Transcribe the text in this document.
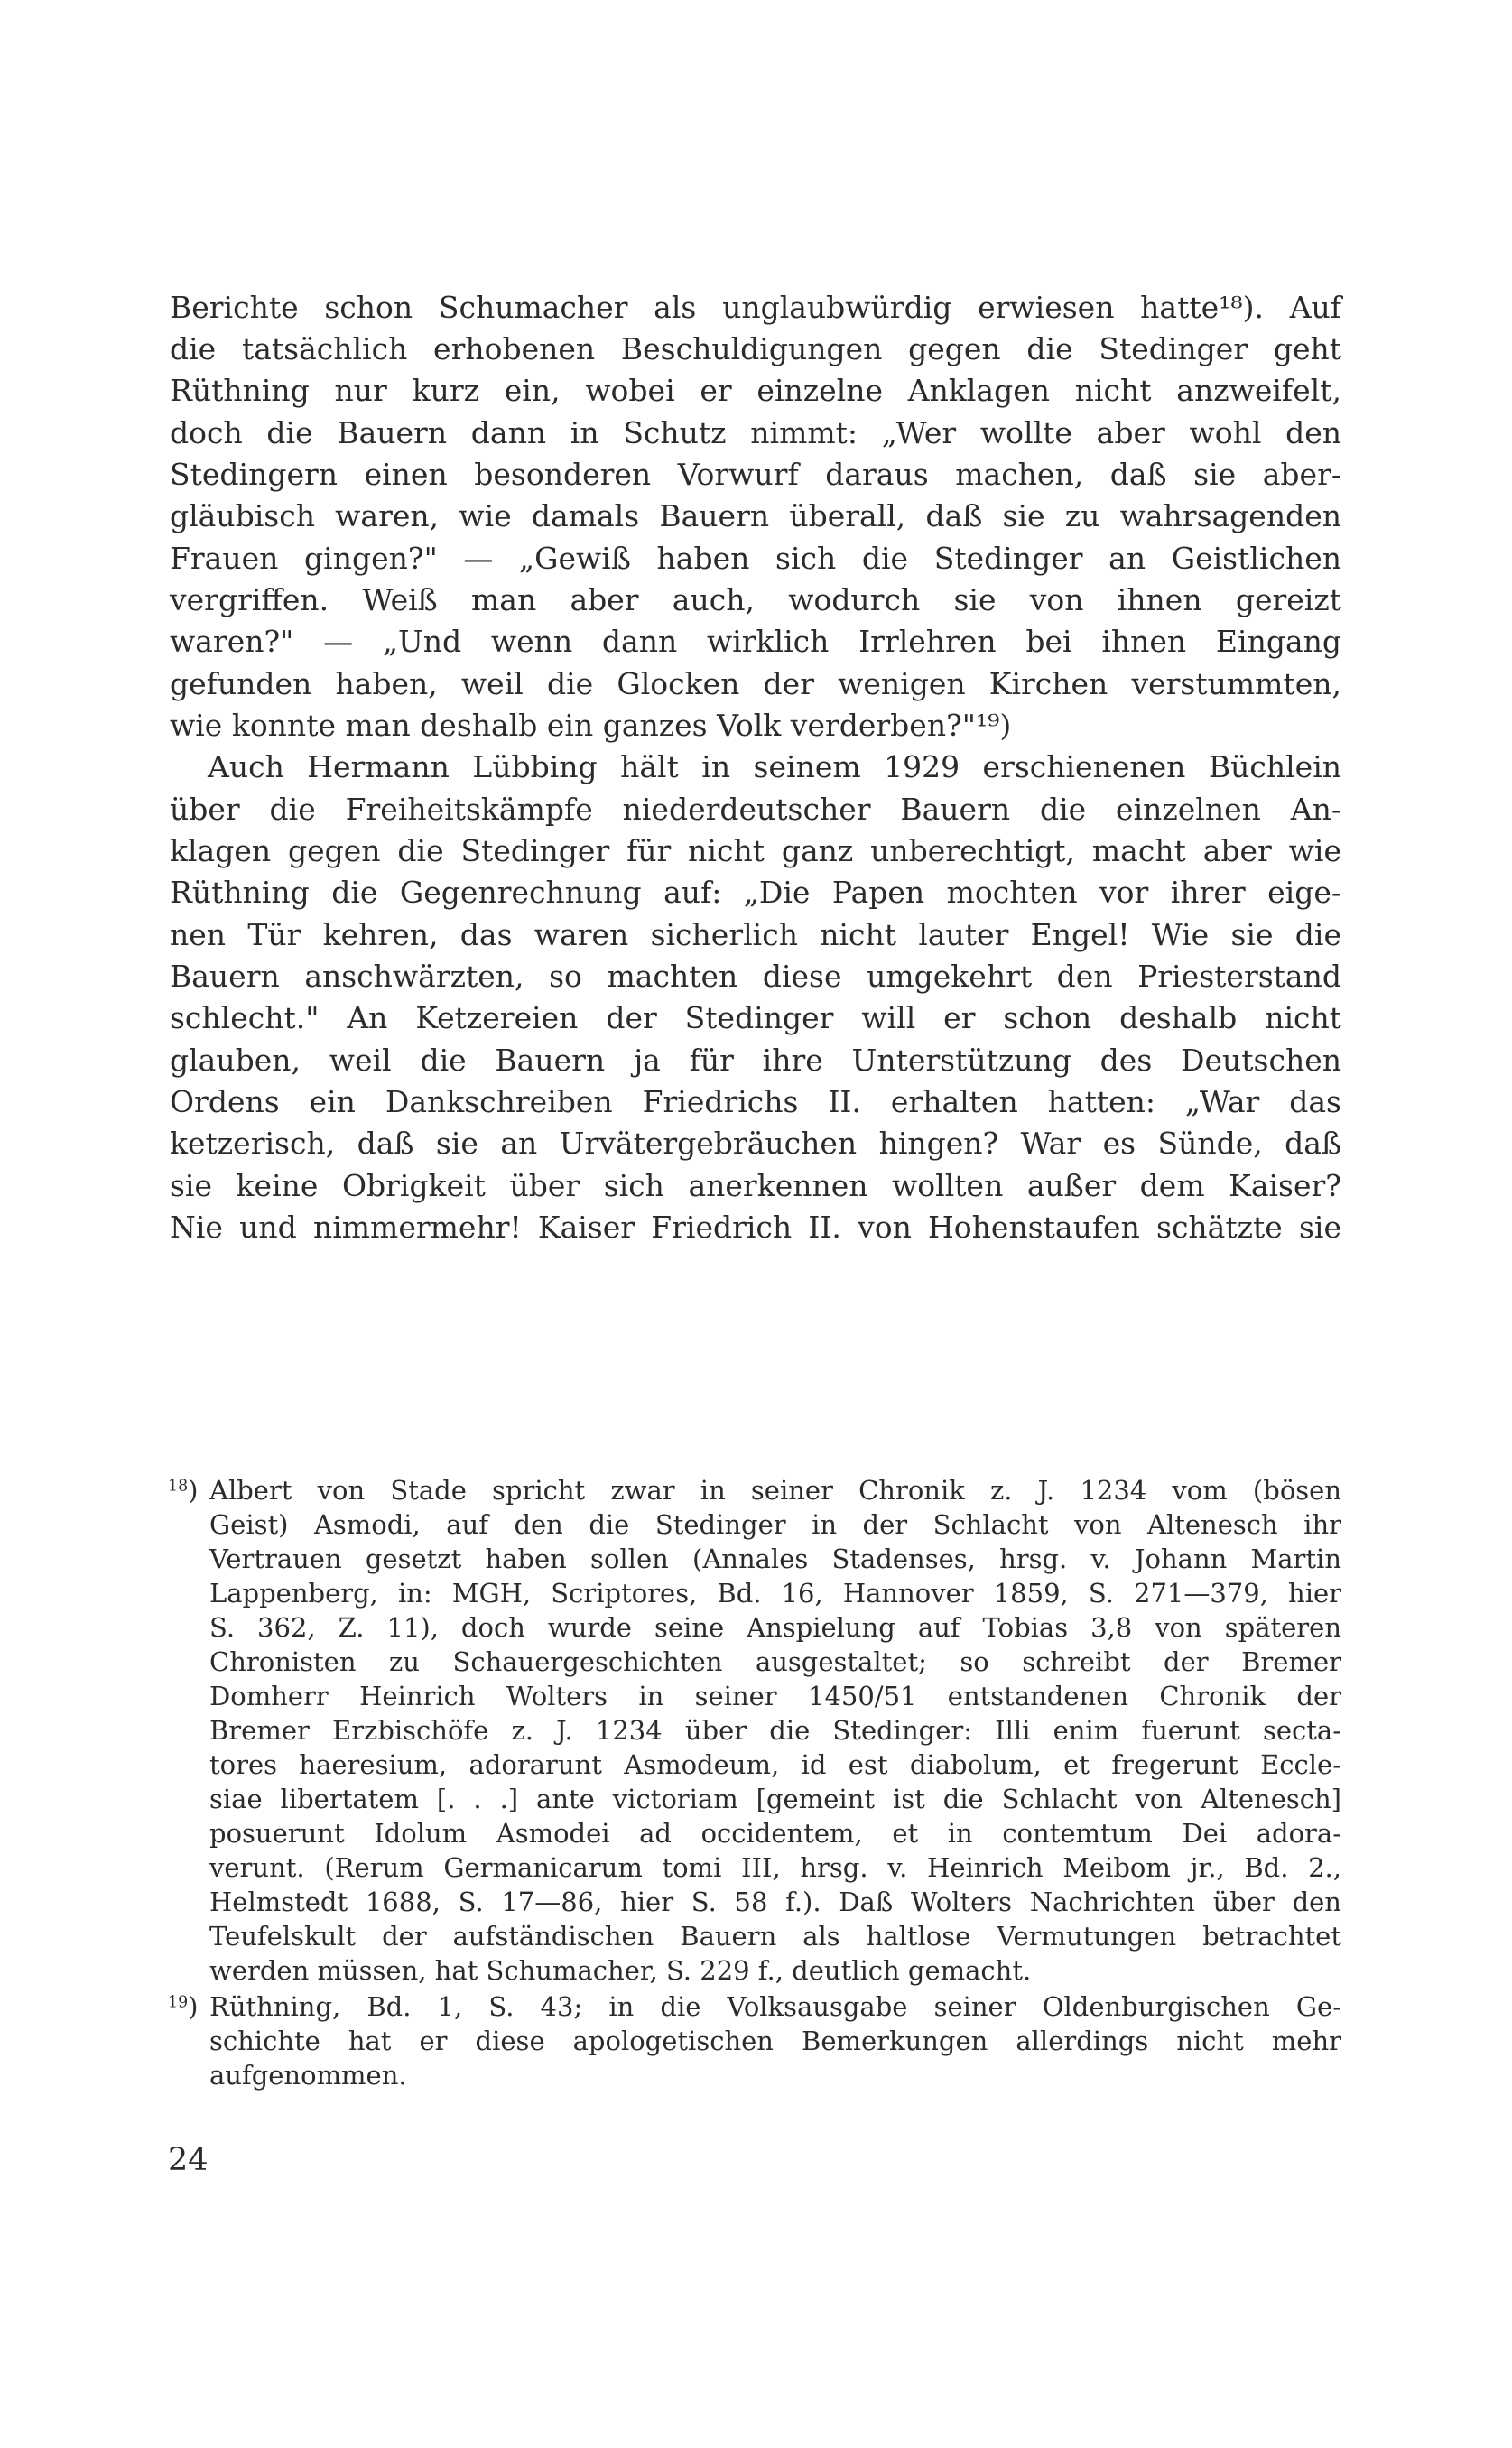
Berichte schon Schumacher als unglaubwürdig erwiesen hatte¹⁸). Auf
die tatsächlich erhobenen Beschuldigungen gegen die Stedinger geht
Rüthning nur kurz ein, wobei er einzelne Anklagen nicht anzweifelt,
doch die Bauern dann in Schutz nimmt: „Wer wollte aber wohl den
Stedingern einen besonderen Vorwurf daraus machen, daß sie aber-
gläubisch waren, wie damals Bauern überall, daß sie zu wahrsagenden
Frauen gingen?" — „Gewiß haben sich die Stedinger an Geistlichen
vergriffen. Weiß man aber auch, wodurch sie von ihnen gereizt
waren?" — „Und wenn dann wirklich Irrlehren bei ihnen Eingang
gefunden haben, weil die Glocken der wenigen Kirchen verstummten,
wie konnte man deshalb ein ganzes Volk verderben?"¹⁹)
Auch Hermann Lübbing hält in seinem 1929 erschienenen Büchlein
über die Freiheitskämpfe niederdeutscher Bauern die einzelnen An-
klagen gegen die Stedinger für nicht ganz unberechtigt, macht aber wie
Rüthning die Gegenrechnung auf: „Die Papen mochten vor ihrer eige-
nen Tür kehren, das waren sicherlich nicht lauter Engel! Wie sie die
Bauern anschwärzten, so machten diese umgekehrt den Priesterstand
schlecht." An Ketzereien der Stedinger will er schon deshalb nicht
glauben, weil die Bauern ja für ihre Unterstützung des Deutschen
Ordens ein Dankschreiben Friedrichs II. erhalten hatten: „War das
ketzerisch, daß sie an Urvätergebräuchen hingen? War es Sünde, daß
sie keine Obrigkeit über sich anerkennen wollten außer dem Kaiser?
Nie und nimmermehr! Kaiser Friedrich II. von Hohenstaufen schätzte sie
$^{18}$) Albert von Stade spricht zwar in seiner Chronik z. J. 1234 vom (bösen
Geist) Asmodi, auf den die Stedinger in der Schlacht von Altenesch ihr
Vertrauen gesetzt haben sollen (Annales Stadenses, hrsg. v. Johann Martin
Lappenberg, in: MGH, Scriptores, Bd. 16, Hannover 1859, S. 271—379, hier
S. 362, Z. 11), doch wurde seine Anspielung auf Tobias 3,8 von späteren
Chronisten zu Schauergeschichten ausgestaltet; so schreibt der Bremer
Domherr Heinrich Wolters in seiner 1450/51 entstandenen Chronik der
Bremer Erzbischöfe z. J. 1234 über die Stedinger: Illi enim fuerunt secta-
tores haeresium, adorarunt Asmodeum, id est diabolum, et fregerunt Eccle-
siae libertatem [. . .] ante victoriam [gemeint ist die Schlacht von Altenesch]
posuerunt Idolum Asmodei ad occidentem, et in contemtum Dei adora-
verunt. (Rerum Germanicarum tomi III, hrsg. v. Heinrich Meibom jr., Bd. 2.,
Helmstedt 1688, S. 17—86, hier S. 58 f.). Daß Wolters Nachrichten über den
Teufelskult der aufständischen Bauern als haltlose Vermutungen betrachtet
werden müssen, hat Schumacher, S. 229 f., deutlich gemacht.
$^{19}$) Rüthning, Bd. 1, S. 43; in die Volksausgabe seiner Oldenburgischen Ge-
schichte hat er diese apologetischen Bemerkungen allerdings nicht mehr
aufgenommen.
24
